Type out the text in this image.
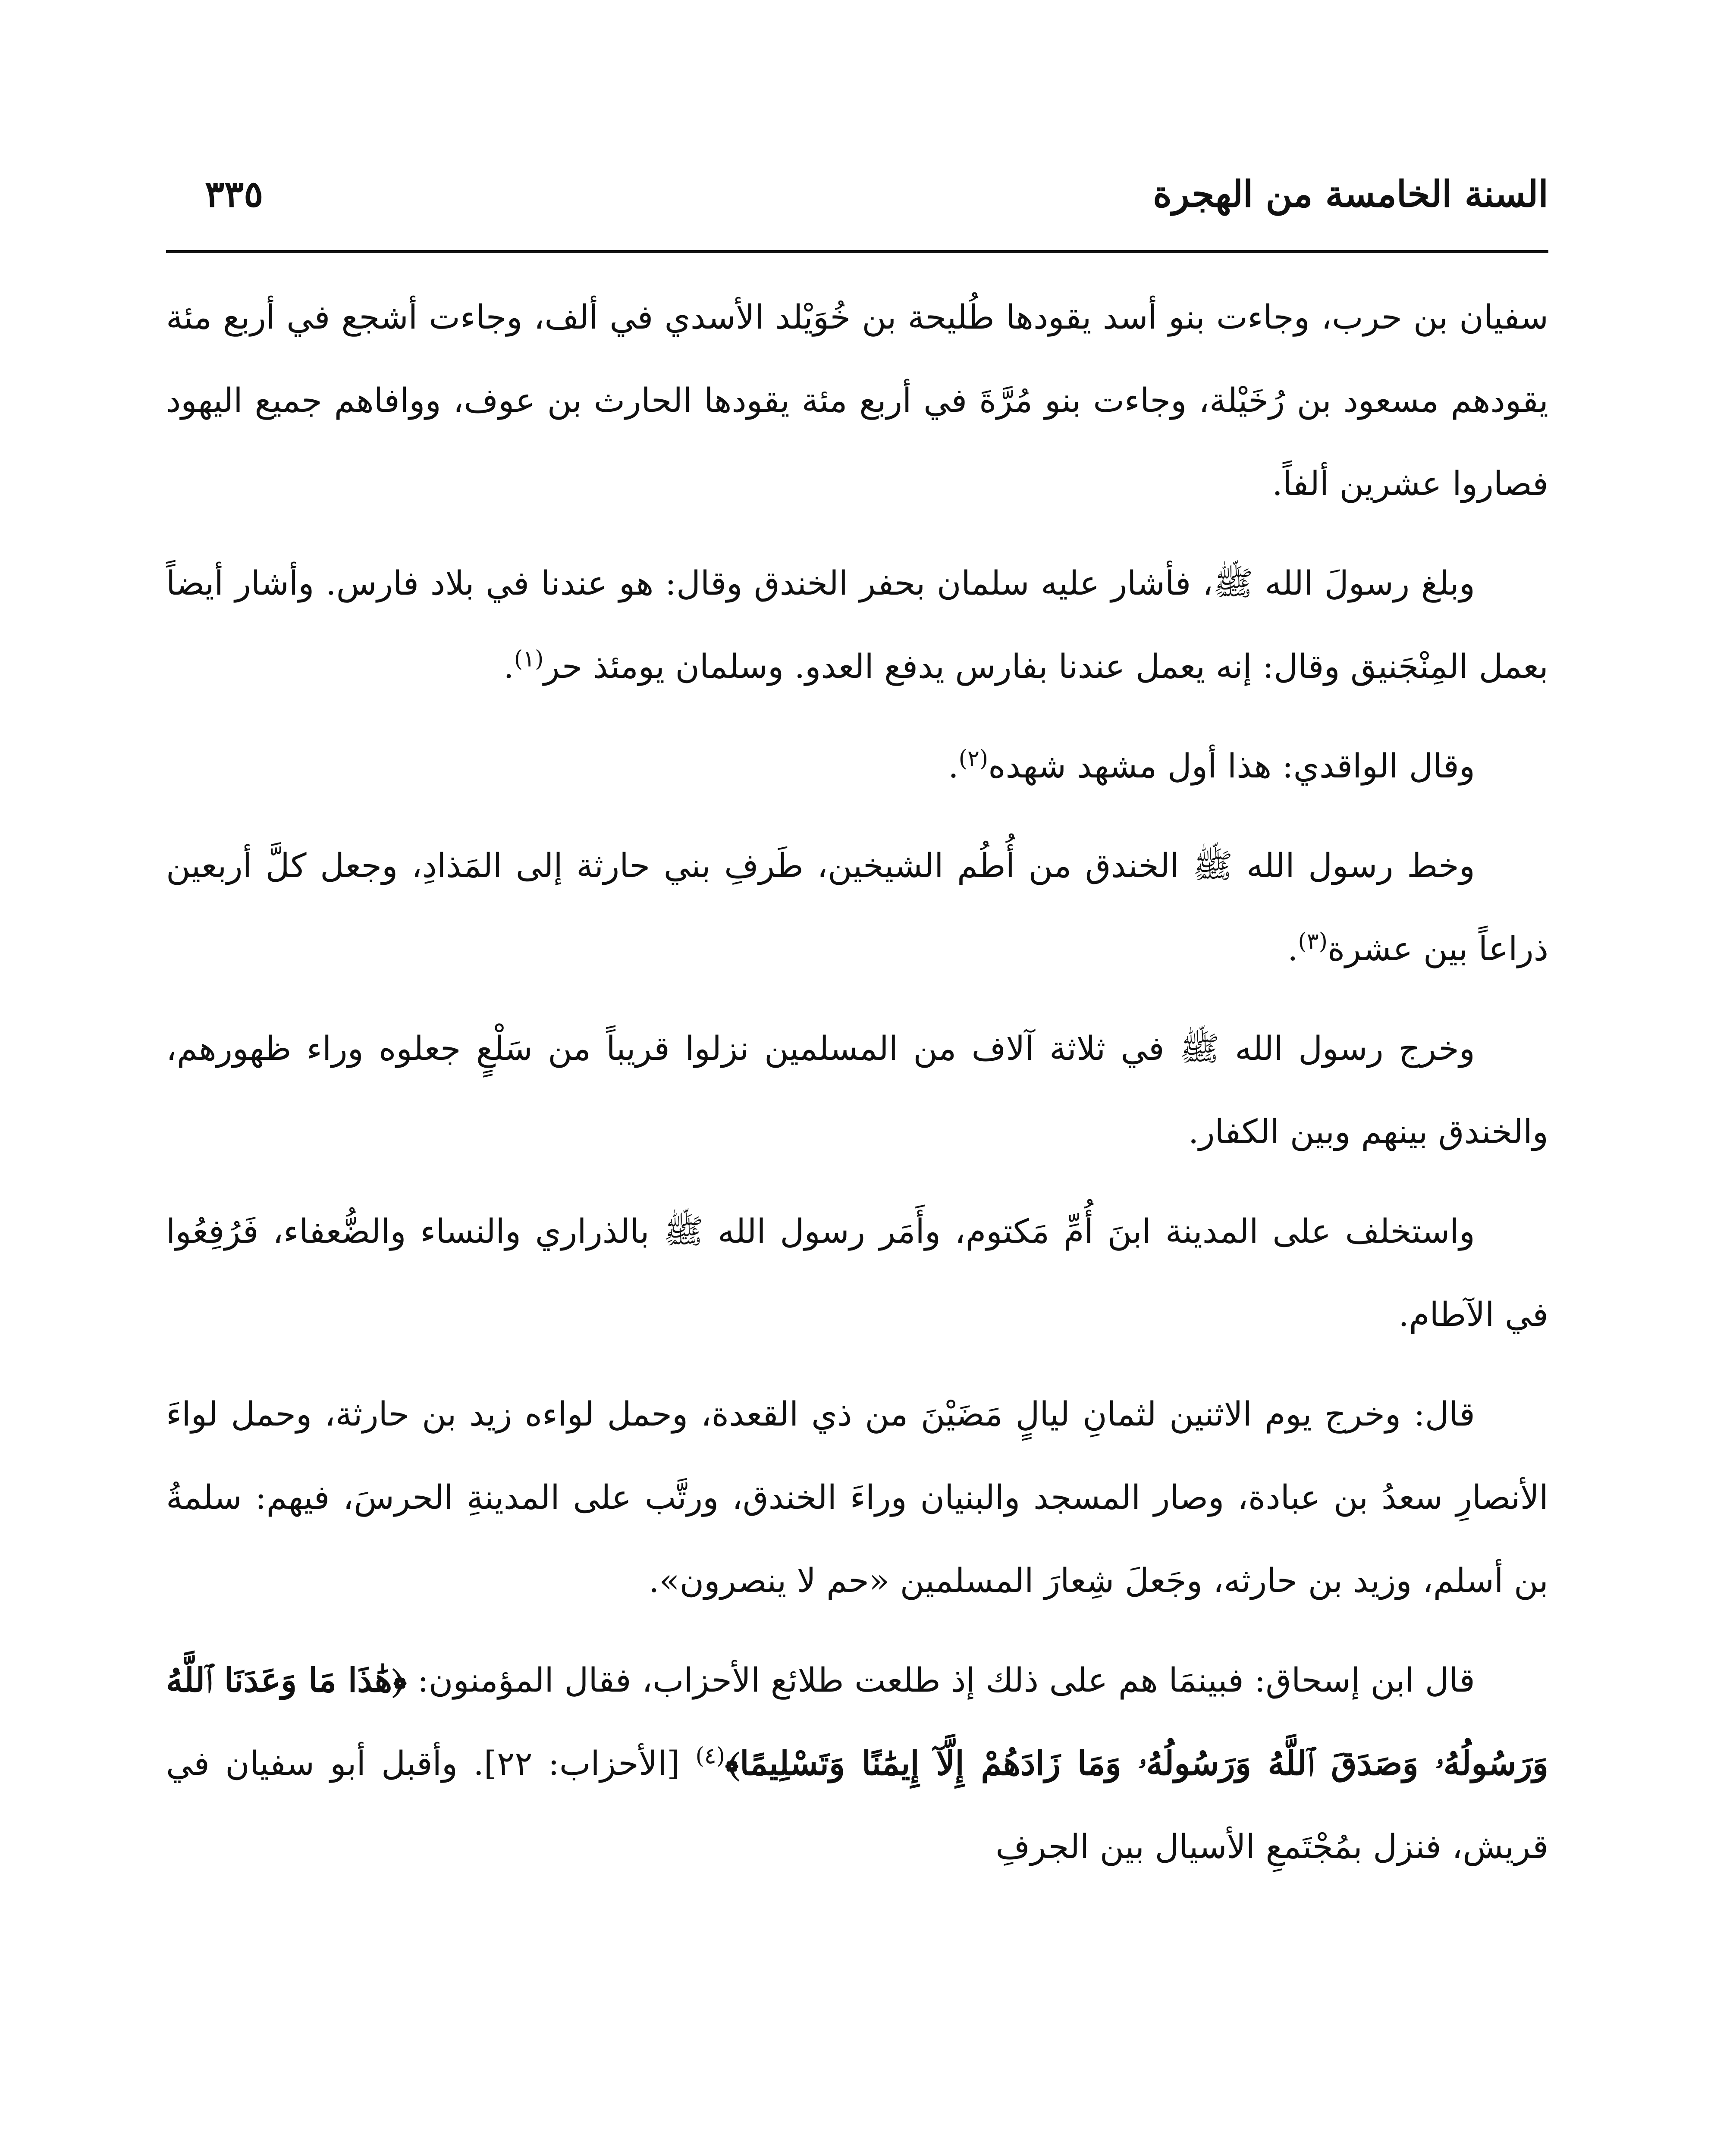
السنة الخامسة من الهجرة
٣٣٥

سفيان بن حرب، وجاءت بنو أسد يقودها طُليحة بن خُوَيْلد الأسدي في ألف، وجاءت أشجع في أربع مئة يقودهم مسعود بن رُخَيْلة، وجاءت بنو مُرَّةَ في أربع مئة يقودها الحارث بن عوف، ووافاهم جميع اليهود فصاروا عشرين ألفاً.

وبلغ رسولَ الله ﷺ، فأشار عليه سلمان بحفر الخندق وقال: هو عندنا في بلاد فارس. وأشار أيضاً بعمل المِنْجَنيق وقال: إنه يعمل عندنا بفارس يدفع العدو. وسلمان يومئذ حر$^{(١)}$.

وقال الواقدي: هذا أول مشهد شهده$^{(٢)}$.

وخط رسول الله ﷺ الخندق من أُطُم الشيخين، طَرفِ بني حارثة إلى المَذادِ، وجعل كلَّ أربعين ذراعاً بين عشرة$^{(٣)}$.

وخرج رسول الله ﷺ في ثلاثة آلاف من المسلمين نزلوا قريباً من سَلْعٍ جعلوه وراء ظهورهم، والخندق بينهم وبين الكفار.

واستخلف على المدينة ابنَ أُمِّ مَكتوم، وأَمَر رسول الله ﷺ بالذراري والنساء والضُّعفاء، فَرُفِعُوا في الآطام.

قال: وخرج يوم الاثنين لثمانِ ليالٍ مَضَيْنَ من ذي القعدة، وحمل لواءه زيد بن حارثة، وحمل لواءَ الأنصارِ سعدُ بن عبادة، وصار المسجد والبنيان وراءَ الخندق، ورتَّب على المدينةِ الحرسَ، فيهم: سلمةُ بن أسلم، وزيد بن حارثه، وجَعلَ شِعارَ المسلمين «حم لا ينصرون».

قال ابن إسحاق: فبينمَا هم على ذلك إذ طلعت طلائع الأحزاب، فقال المؤمنون: ﴿هَٰذَا مَا وَعَدَنَا ٱللَّهُ وَرَسُولُهُۥ وَصَدَقَ ٱللَّهُ وَرَسُولُهُۥ وَمَا زَادَهُمْ إِلَّآ إِيمَٰنًا وَتَسْلِيمًا﴾$^{(٤)}$ [الأحزاب: ٢٢]. وأقبل أبو سفيان في قريش، فنزل بمُجْتَمعِ الأسيال بين الجرفِ
